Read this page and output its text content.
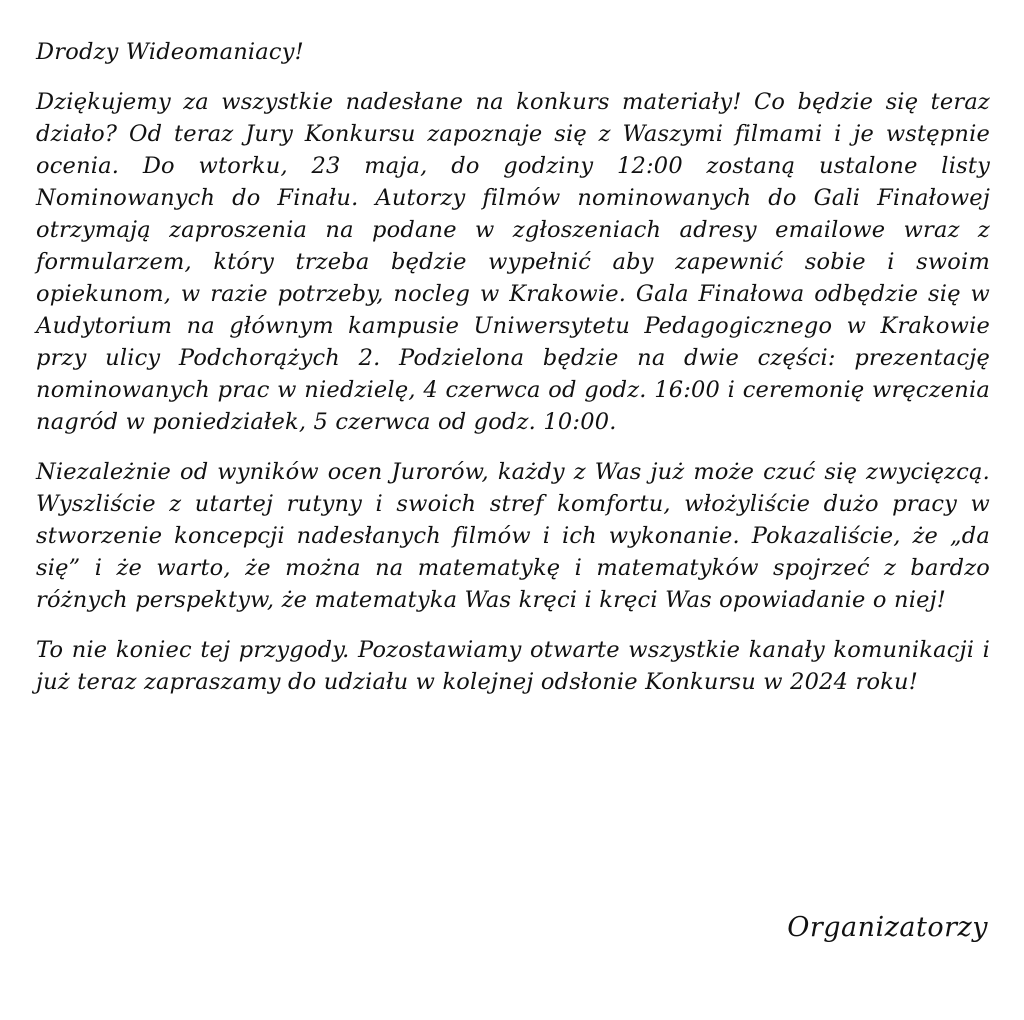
Drodzy Wideomaniacy!

Dziękujemy za wszystkie nadesłane na konkurs materiały! Co będzie się teraz działo? Od teraz Jury Konkursu zapoznaje się z Waszymi filmami i je wstępnie ocenia. Do wtorku, 23 maja, do godziny 12:00 zostaną ustalone listy Nominowanych do Finału. Autorzy filmów nominowanych do Gali Finałowej otrzymają zaproszenia na podane w zgłoszeniach adresy emailowe wraz z formularzem, który trzeba będzie wypełnić aby zapewnić sobie i swoim opiekunom, w razie potrzeby, nocleg w Krakowie. Gala Finałowa odbędzie się w Audytorium na głównym kampusie Uniwersytetu Pedagogicznego w Krakowie przy ulicy Podchorążych 2. Podzielona będzie na dwie części: prezentację nominowanych prac w niedzielę, 4 czerwca od godz. 16:00 i ceremonię wręczenia nagród w poniedziałek, 5 czerwca od godz. 10:00.

Niezależnie od wyników ocen Jurorów, każdy z Was już może czuć się zwycięzcą. Wyszliście z utartej rutyny i swoich stref komfortu, włożyliście dużo pracy w stworzenie koncepcji nadesłanych filmów i ich wykonanie. Pokazaliście, że „da się” i że warto, że można na matematykę i matematyków spojrzeć z bardzo różnych perspektyw, że matematyka Was kręci i kręci Was opowiadanie o niej!

To nie koniec tej przygody. Pozostawiamy otwarte wszystkie kanały komunikacji i już teraz zapraszamy do udziału w kolejnej odsłonie Konkursu w 2024 roku!

Organizatorzy
